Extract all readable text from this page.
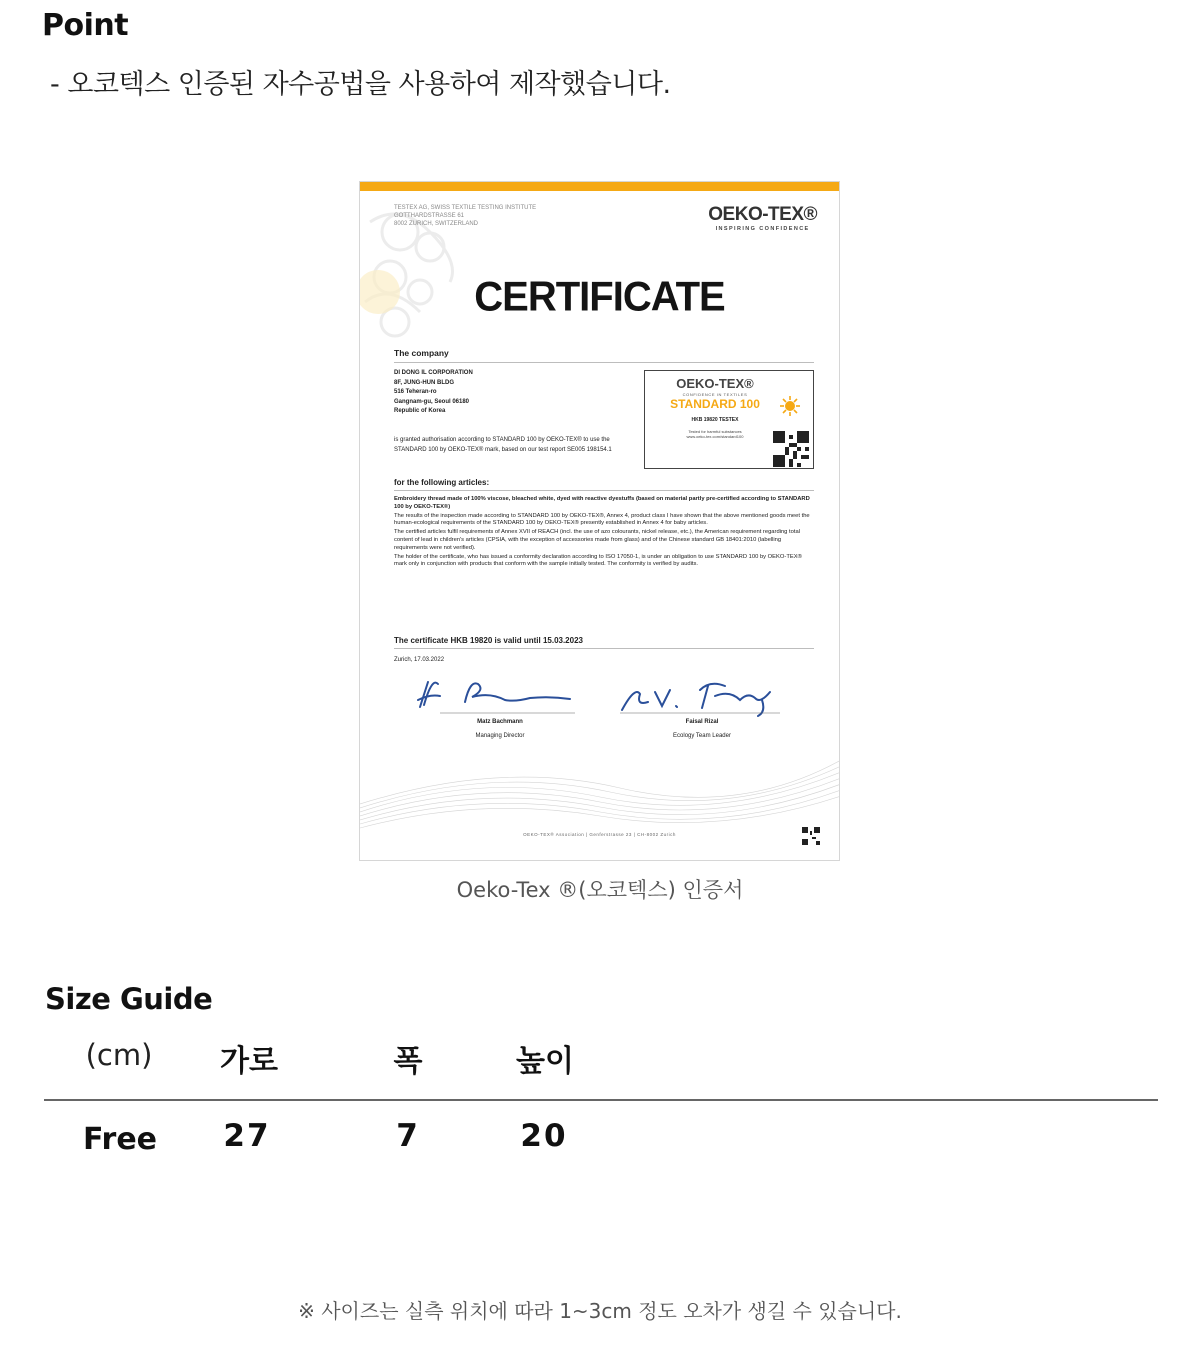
Point
- 오코텍스 인증된 자수공법을 사용하여 제작했습니다.
TESTEX AG, SWISS TEXTILE TESTING INSTITUTE
GOTTHARDSTRASSE 61
8002 ZURICH, SWITZERLAND	OEKO-TEX®
INSPIRING CONFIDENCE
CERTIFICATE
The company
DI DONG IL CORPORATION
8F, JUNG-HUN BLDG
516 Teheran-ro
Gangnam-gu, Seoul 06180
Republic of Korea
is granted authorisation according to STANDARD 100 by OEKO-TEX® to use the STANDARD 100 by OEKO-TEX® mark, based on our test report SE005 198154.1
OEKO-TEX®
CONFIDENCE IN TEXTILES
STANDARD 100
HKB 19820 TESTEX
Tested for harmful substances
www.oeko-tex.com/standard100
for the following articles:

Embroidery thread made of 100% viscose, bleached white, dyed with reactive dyestuffs (based on material partly pre-certified according to STANDARD 100 by OEKO-TEX®)

The results of the inspection made according to STANDARD 100 by OEKO-TEX®, Annex 4, product class I have shown that the above mentioned goods meet the human-ecological requirements of the STANDARD 100 by OEKO-TEX® presently established in Annex 4 for baby articles.

The certified articles fulfil requirements of Annex XVII of REACH (incl. the use of azo colourants, nickel release, etc.), the American requirement regarding total content of lead in children's articles (CPSIA, with the exception of accessories made from glass) and of the Chinese standard GB 18401:2010 (labelling requirements were not verified).

The holder of the certificate, who has issued a conformity declaration according to ISO 17050-1, is under an obligation to use STANDARD 100 by OEKO-TEX® mark only in conjunction with products that conform with the sample initially tested. The conformity is verified by audits.

The certificate HKB 19820 is valid until 15.03.2023
Zurich, 17.03.2022
Matz Bachmann
Managing Director
Faisal Rizal
Ecology Team Leader
OEKO-TEX® Association | Genferstrasse 23 | CH-8002 Zurich
Oeko-Tex ®(오코텍스) 인증서
Size Guide
(cm) 가로	폭	높이
Free 27	7	20
※ 사이즈는 실측 위치에 따라 1~3cm 정도 오차가 생길 수 있습니다.
